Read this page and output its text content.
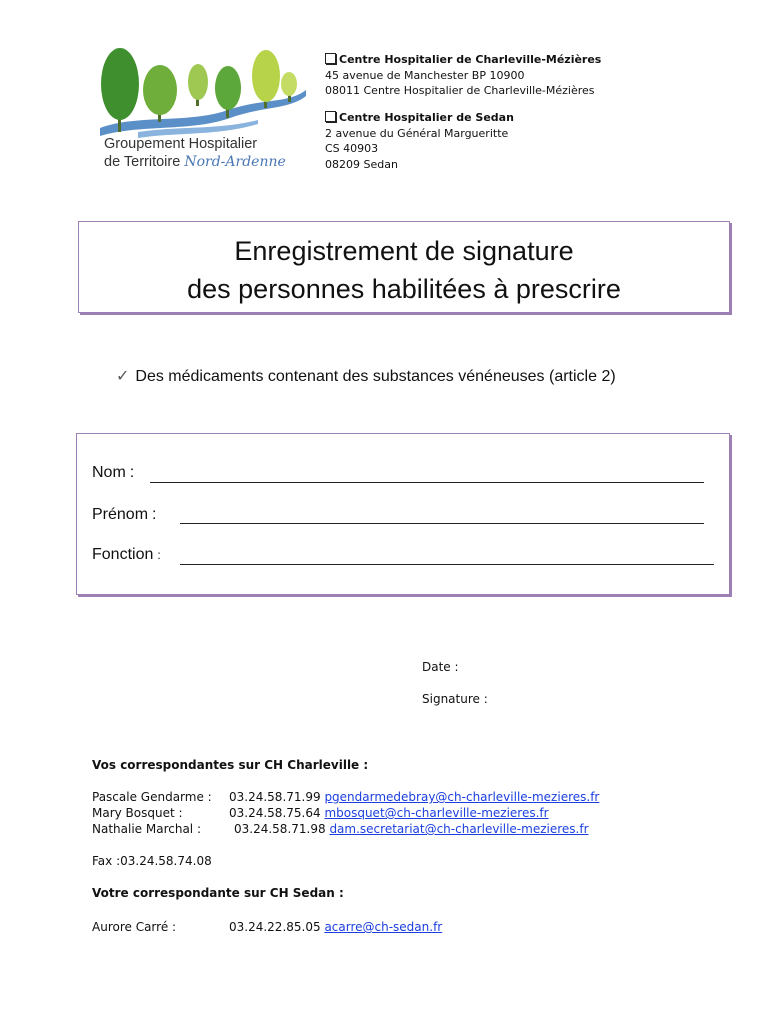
Groupement Hospitalier
de Territoire Nord-Ardenne
Centre Hospitalier de Charleville-Mézières
45 avenue de Manchester BP 10900
08011 Centre Hospitalier de Charleville-Mézières
Centre Hospitalier de Sedan
2 avenue du Général Margueritte
CS 40903
08209 Sedan
Enregistrement de signature
des personnes habilitées à prescrire
✓ Des médicaments contenant des substances vénéneuses (article 2)
Nom :
Prénom :
Fonction :
Date :
Signature :
Vos correspondantes sur CH Charleville :
Pascale Gendarme : 03.24.58.71.99 pgendarmedebray@ch-charleville-mezieres.fr
Mary Bosquet :	03.24.58.75.64 mbosquet@ch-charleville-mezieres.fr
Nathalie Marchal :	03.24.58.71.98 dam.secretariat@ch-charleville-mezieres.fr
Fax :03.24.58.74.08
Votre correspondante sur CH Sedan :
Aurore Carré :	03.24.22.85.05 acarre@ch-sedan.fr
